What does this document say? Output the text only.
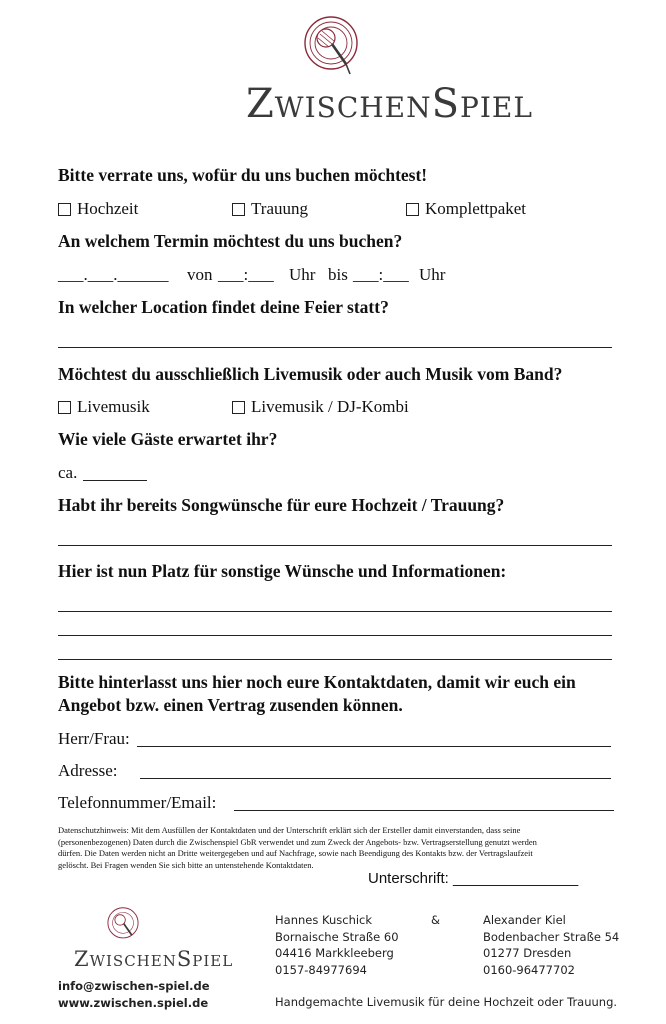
ZwischenSpiel
Bitte verrate uns, wofür du uns buchen möchtest!
Hochzeit	Trauung	Komplettpaket
An welchem Termin möchtest du uns buchen?
___.___.______ von ___:___ Uhr bis ___:___ Uhr
In welcher Location findet deine Feier statt?
Möchtest du ausschließlich Livemusik oder auch Musik vom Band?
Livemusik	Livemusik / DJ-Kombi
Wie viele Gäste erwartet ihr?
ca.
Habt ihr bereits Songwünsche für eure Hochzeit / Trauung?
Hier ist nun Platz für sonstige Wünsche und Informationen:
Bitte hinterlasst uns hier noch eure Kontaktdaten, damit wir euch ein
Angebot bzw. einen Vertrag zusenden können.
Herr/Frau:
Adresse:
Telefonnummer/Email:
Datenschutzhinweis: Mit dem Ausfüllen der Kontaktdaten und der Unterschrift erklärt sich der Ersteller damit einverstanden, dass seine
(personenbezogenen) Daten durch die Zwischenspiel GbR verwendet und zum Zweck der Angebots- bzw. Vertragserstellung genutzt werden
dürfen. Die Daten werden nicht an Dritte weitergegeben und auf Nachfrage, sowie nach Beendigung des Kontakts bzw. der Vertragslaufzeit
gelöscht. Bei Fragen wenden Sie sich bitte an untenstehende Kontaktdaten.
Unterschrift: _______________
ZwischenSpiel
info@zwischen-spiel.de
www.zwischen.spiel.de
Hannes Kuschick
Bornaische Straße 60
04416 Markkleeberg
0157-84977694
&	Alexander Kiel
Bodenbacher Straße 54
01277 Dresden
0160-96477702
Handgemachte Livemusik für deine Hochzeit oder Trauung.
